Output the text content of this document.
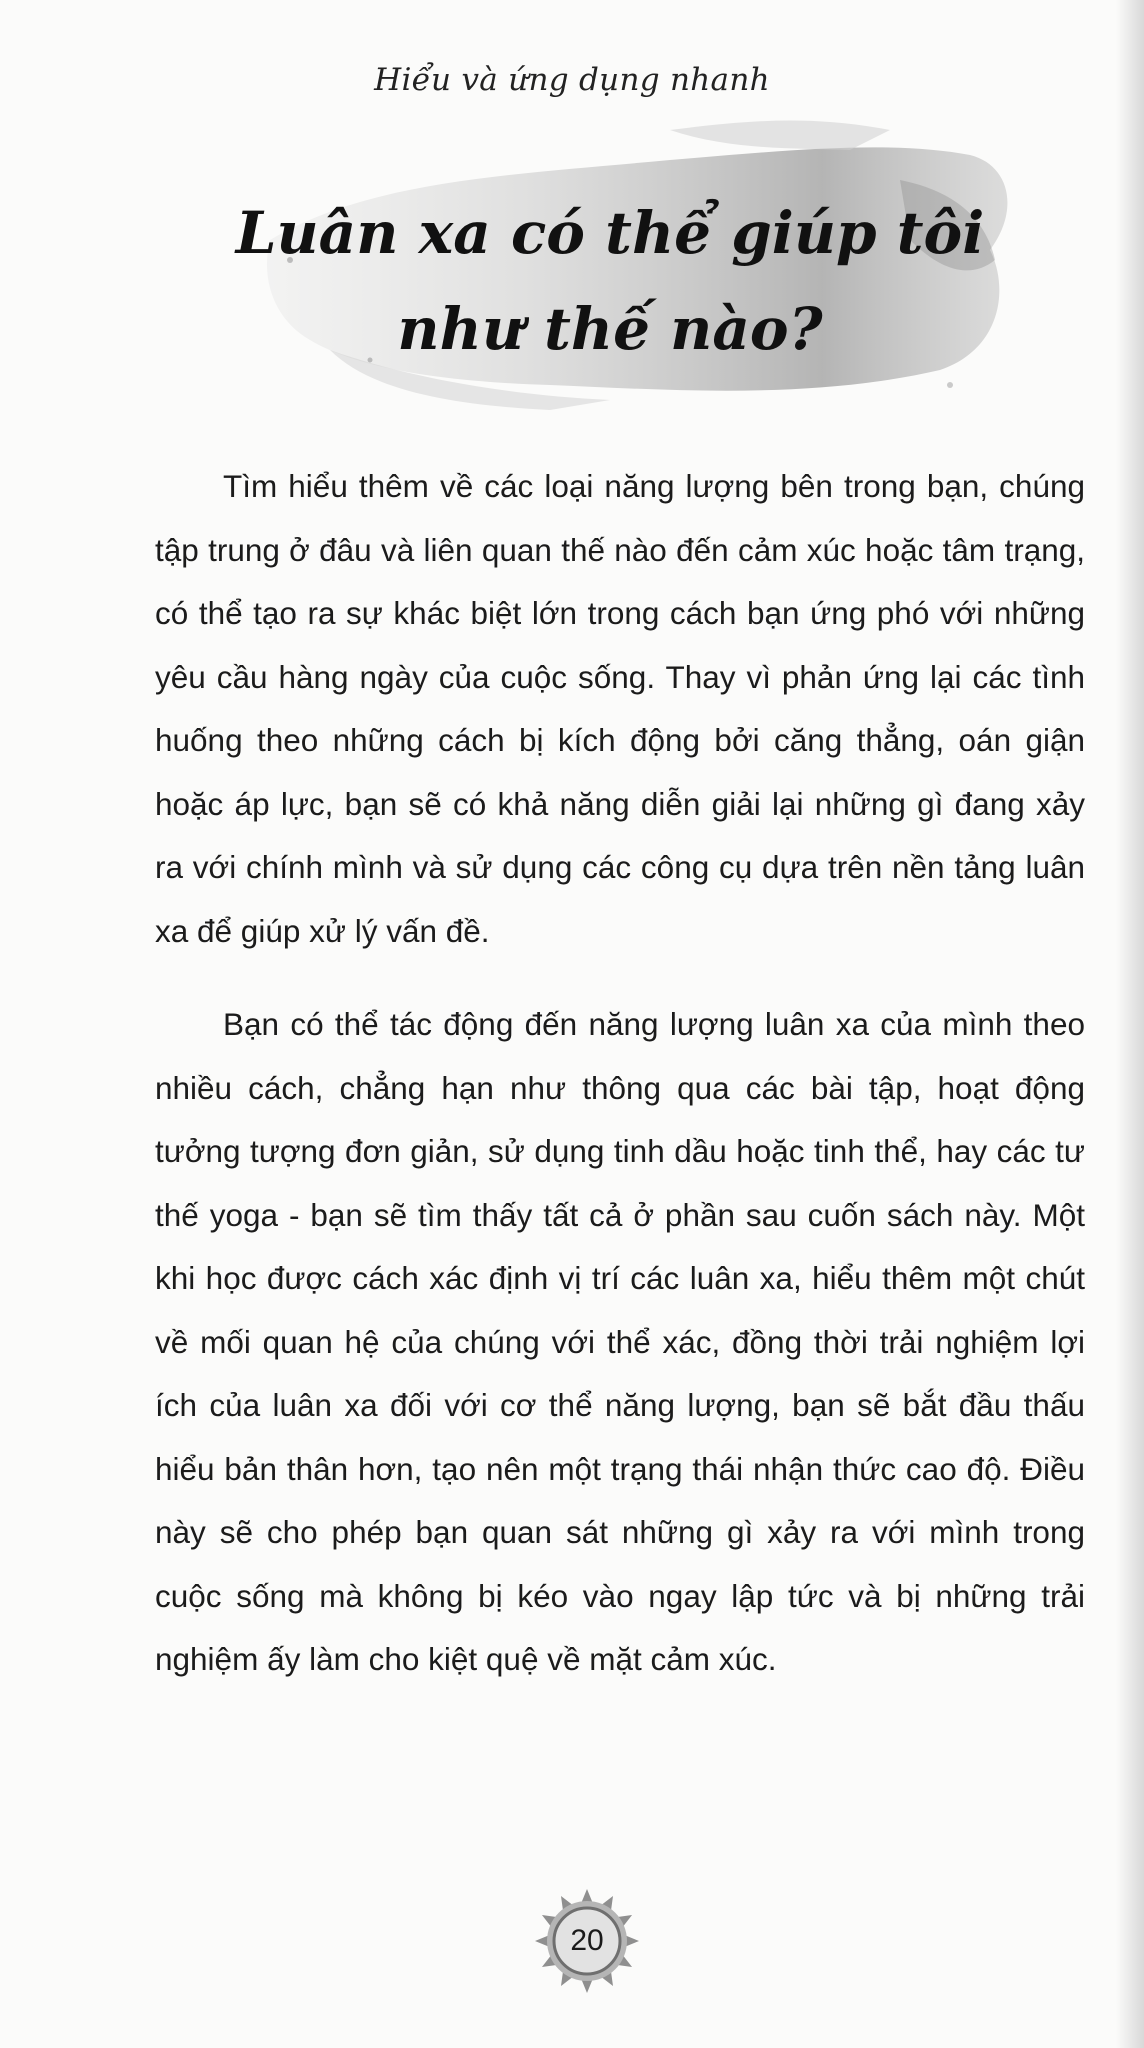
Hiểu và ứng dụng nhanh
Luân xa có thể giúp tôi
như thế nào?

Tìm hiểu thêm về các loại năng lượng bên trong bạn, chúng tập trung ở đâu và liên quan thế nào đến cảm xúc hoặc tâm trạng, có thể tạo ra sự khác biệt lớn trong cách bạn ứng phó với những yêu cầu hàng ngày của cuộc sống. Thay vì phản ứng lại các tình huống theo những cách bị kích động bởi căng thẳng, oán giận hoặc áp lực, bạn sẽ có khả năng diễn giải lại những gì đang xảy ra với chính mình và sử dụng các công cụ dựa trên nền tảng luân xa để giúp xử lý vấn đề.

Bạn có thể tác động đến năng lượng luân xa của mình theo nhiều cách, chẳng hạn như thông qua các bài tập, hoạt động tưởng tượng đơn giản, sử dụng tinh dầu hoặc tinh thể, hay các tư thế yoga - bạn sẽ tìm thấy tất cả ở phần sau cuốn sách này. Một khi học được cách xác định vị trí các luân xa, hiểu thêm một chút về mối quan hệ của chúng với thể xác, đồng thời trải nghiệm lợi ích của luân xa đối với cơ thể năng lượng, bạn sẽ bắt đầu thấu hiểu bản thân hơn, tạo nên một trạng thái nhận thức cao độ. Điều này sẽ cho phép bạn quan sát những gì xảy ra với mình trong cuộc sống mà không bị kéo vào ngay lập tức và bị những trải nghiệm ấy làm cho kiệt quệ về mặt cảm xúc.

20
